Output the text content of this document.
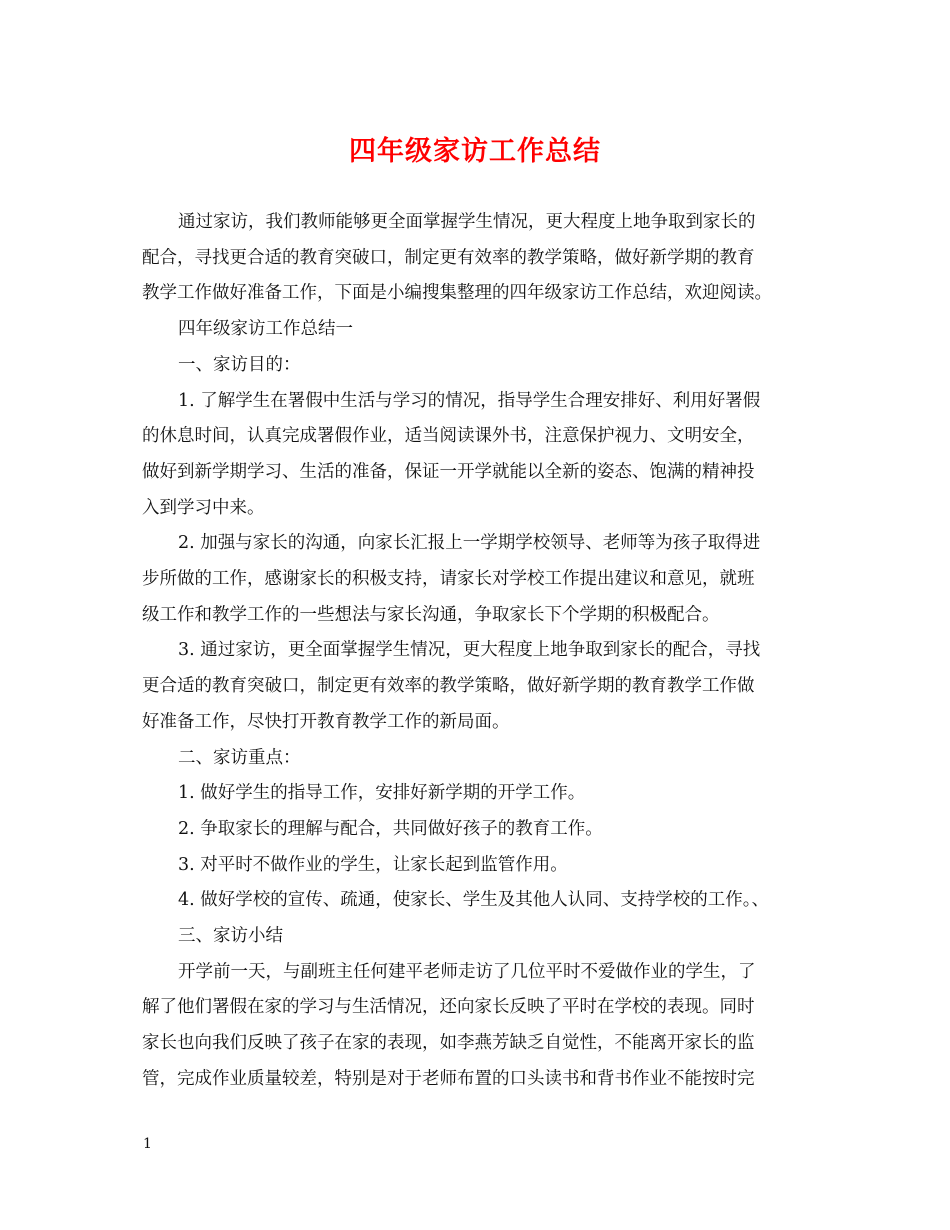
四年级家访工作总结

通过家访，我们教师能够更全面掌握学生情况，更大程度上地争取到家长的

配合，寻找更合适的教育突破口，制定更有效率的教学策略，做好新学期的教育

教学工作做好准备工作，下面是小编搜集整理的四年级家访工作总结，欢迎阅读。

四年级家访工作总结一

一、家访目的：

1. 了解学生在署假中生活与学习的情况，指导学生合理安排好、利用好署假

的休息时间，认真完成署假作业，适当阅读课外书，注意保护视力、文明安全，

做好到新学期学习、生活的准备，保证一开学就能以全新的姿态、饱满的精神投

入到学习中来。

2. 加强与家长的沟通，向家长汇报上一学期学校领导、老师等为孩子取得进

步所做的工作，感谢家长的积极支持，请家长对学校工作提出建议和意见，就班

级工作和教学工作的一些想法与家长沟通，争取家长下个学期的积极配合。

3. 通过家访，更全面掌握学生情况，更大程度上地争取到家长的配合，寻找

更合适的教育突破口，制定更有效率的教学策略，做好新学期的教育教学工作做

好准备工作，尽快打开教育教学工作的新局面。

二、家访重点：

1. 做好学生的指导工作，安排好新学期的开学工作。

2. 争取家长的理解与配合，共同做好孩子的教育工作。

3. 对平时不做作业的学生，让家长起到监管作用。

4. 做好学校的宣传、疏通，使家长、学生及其他人认同、支持学校的工作。、

三、家访小结

开学前一天，与副班主任何建平老师走访了几位平时不爱做作业的学生，了

解了他们署假在家的学习与生活情况，还向家长反映了平时在学校的表现。同时

家长也向我们反映了孩子在家的表现，如李燕芳缺乏自觉性，不能离开家长的监

管，完成作业质量较差，特别是对于老师布置的口头读书和背书作业不能按时完

1
